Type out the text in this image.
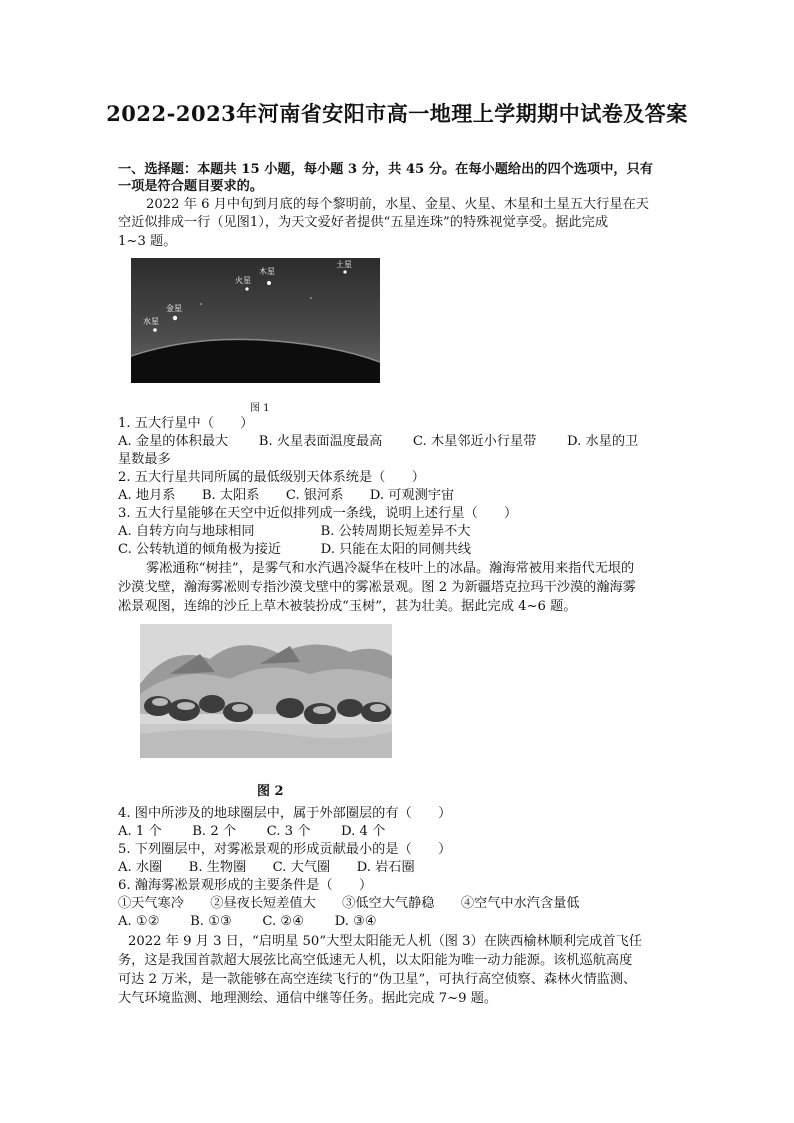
2022-2023年河南省安阳市高一地理上学期期中试卷及答案
一、选择题：本题共 15 小题，每小题 3 分，共 45 分。在每小题给出的四个选项中，只有
一项是符合题目要求的。
2022 年 6 月中旬到月底的每个黎明前，水星、金星、火星、木星和土星五大行星在天
空近似排成一行（见图1），为天文爱好者提供“五星连珠”的特殊视觉享受。据此完成
1~3 题。
水星
金星
火星
木星
土星
图 1
1. 五大行星中（　　）
A. 金星的体积最大　　 B. 火星表面温度最高　　 C. 木星邻近小行星带　　 D. 水星的卫
星数最多
2. 五大行星共同所属的最低级别天体系统是（　　）
A. 地月系　　B. 太阳系　　C. 银河系　　D. 可观测宇宙
3. 五大行星能够在天空中近似排列成一条线，说明上述行星（　　）
A. 自转方向与地球相同　　　　　B. 公转周期长短差异不大
C. 公转轨道的倾角极为接近　　　D. 只能在太阳的同侧共线
雾凇通称“树挂”，是雾气和水汽遇冷凝华在枝叶上的冰晶。瀚海常被用来指代无垠的
沙漠戈壁，瀚海雾凇则专指沙漠戈壁中的雾凇景观。图 2 为新疆塔克拉玛干沙漠的瀚海雾
凇景观图，连绵的沙丘上草木被装扮成“玉树”，甚为壮美。据此完成 4~6 题。
图 2
4. 图中所涉及的地球圈层中，属于外部圈层的有（　　）
A. 1 个　　 B. 2 个　　 C. 3 个　　 D. 4 个
5. 下列圈层中，对雾凇景观的形成贡献最小的是（　　）
A. 水圈　　B. 生物圈　　C. 大气圈　　D. 岩石圈
6. 瀚海雾凇景观形成的主要条件是（　　）
①天气寒冷　　②昼夜长短差值大　　③低空大气静稳　　④空气中水汽含量低
A. ①②　　 B. ①③　　 C. ②④　　 D. ③④
2022 年 9 月 3 日，“启明星 50”大型太阳能无人机（图 3）在陕西榆林顺利完成首飞任
务，这是我国首款超大展弦比高空低速无人机，以太阳能为唯一动力能源。该机巡航高度
可达 2 万米，是一款能够在高空连续飞行的“伪卫星”，可执行高空侦察、森林火情监测、
大气环境监测、地理测绘、通信中继等任务。据此完成 7~9 题。
